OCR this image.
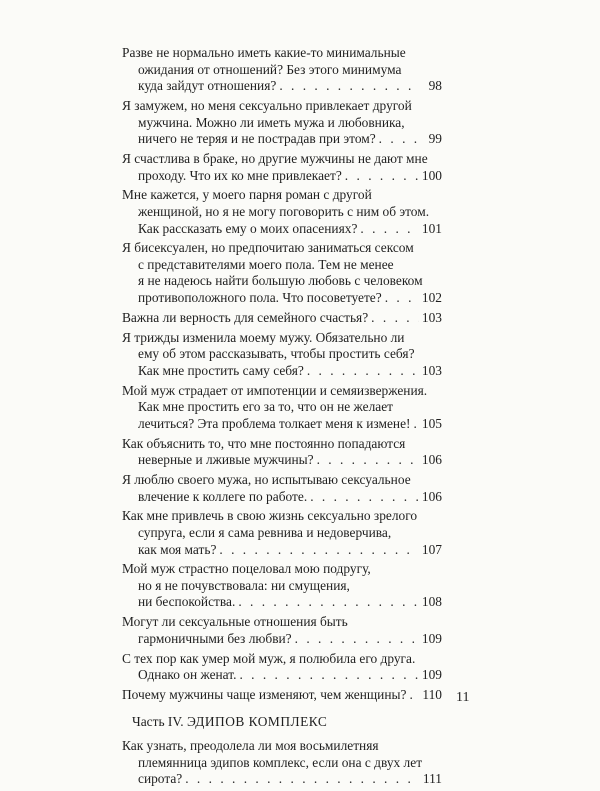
Разве не нормально иметь какие-то минимальные
ожидания от отношений? Без этого минимума
куда зайдут отношения? . . .	98
Я замужем, но меня сексуально привлекает другой
мужчина. Можно ли иметь мужа и любовника,
ничего не теряя и не пострадав при этом? . . .	99
Я счастлива в браке, но другие мужчины не дают мне
проходу. Что их ко мне привлекает? . . .	100
Мне кажется, у моего парня роман с другой
женщиной, но я не могу поговорить с ним об этом.
Как рассказать ему о моих опасениях? . . .	101
Я бисексуален, но предпочитаю заниматься сексом
с представителями моего пола. Тем не менее
я не надеюсь найти большую любовь с человеком
противоположного пола. Что посоветуете? . . .	102
Важна ли верность для семейного счастья? . . .	103
Я трижды изменила моему мужу. Обязательно ли
ему об этом рассказывать, чтобы простить себя?
Как мне простить саму себя? . . .	103
Мой муж страдает от импотенции и семяизвержения.
Как мне простить его за то, что он не желает
лечиться? Эта проблема толкает меня к измене! . . . 105
Как объяснить то, что мне постоянно попадаются
неверные и лживые мужчины? . . .	106
Я люблю своего мужа, но испытываю сексуальное
влечение к коллеге по работе. . . .	106
Как мне привлечь в свою жизнь сексуально зрелого
супруга, если я сама ревнива и недоверчива,
как моя мать? . . .	107
Мой муж страстно поцеловал мою подругу,
но я не почувствовала: ни смущения,
ни беспокойства. . . .	108
Могут ли сексуальные отношения быть
гармоничными без любви? . . .	109
С тех пор как умер мой муж, я полюбила его друга.
Однако он женат. . . .	109
Почему мужчины чаще изменяют, чем женщины? . . . 110
Часть IV. ЭДИПОВ КОМПЛЕКС
Как узнать, преодолела ли моя восьмилетняя
племянница эдипов комплекс, если она с двух лет
сирота? . . .	111
11
